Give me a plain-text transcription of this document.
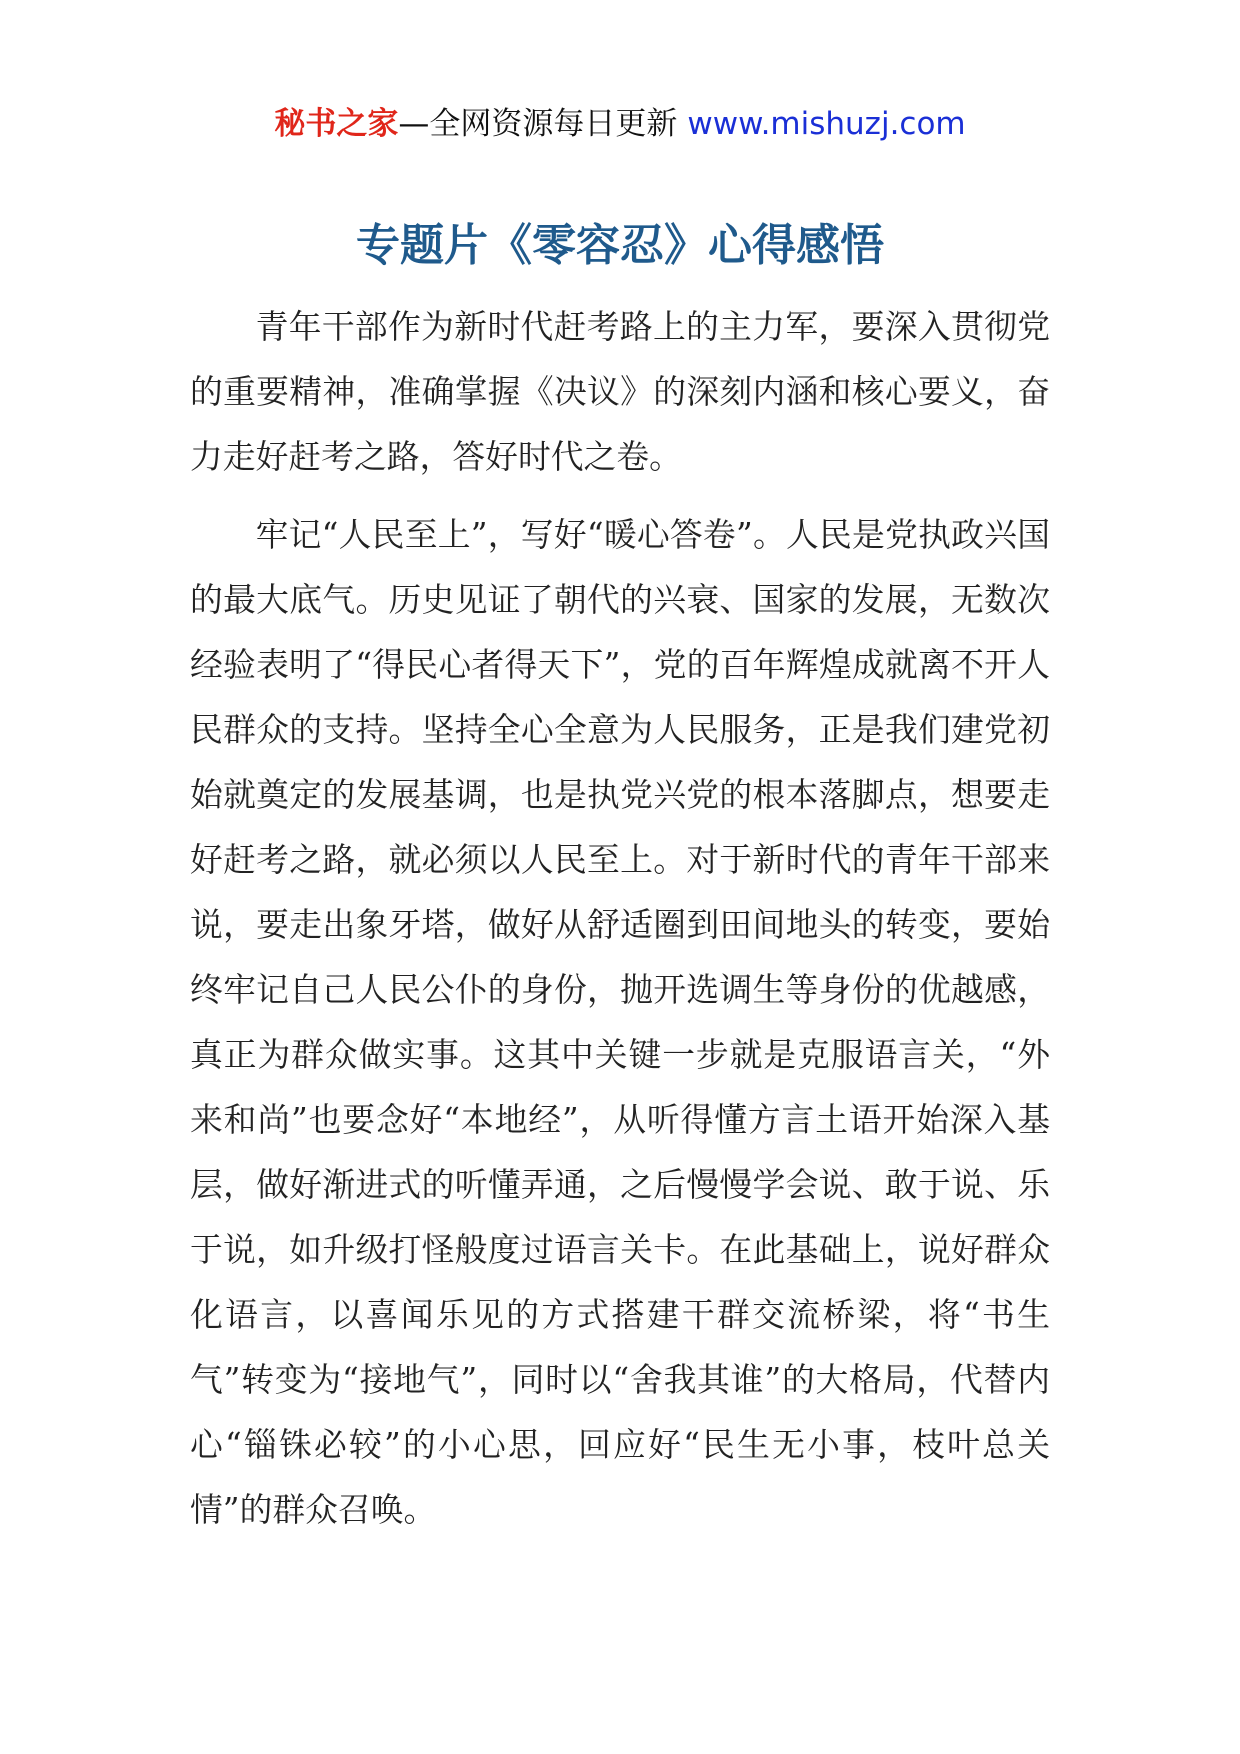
秘书之家—全网资源每日更新 www.mishuzj.com
专题片《零容忍》心得感悟

青年干部作为新时代赶考路上的主力军，要深入贯彻党的重要精神，准确掌握《决议》的深刻内涵和核心要义，奋力走好赶考之路，答好时代之卷。

牢记“人民至上”，写好“暖心答卷”。人民是党执政兴国的最大底气。历史见证了朝代的兴衰、国家的发展，无数次经验表明了“得民心者得天下”，党的百年辉煌成就离不开人民群众的支持。坚持全心全意为人民服务，正是我们建党初始就奠定的发展基调，也是执党兴党的根本落脚点，想要走好赶考之路，就必须以人民至上。对于新时代的青年干部来说，要走出象牙塔，做好从舒适圈到田间地头的转变，要始终牢记自己人民公仆的身份，抛开选调生等身份的优越感，真正为群众做实事。这其中关键一步就是克服语言关，“外来和尚”也要念好“本地经”，从听得懂方言土语开始深入基层，做好渐进式的听懂弄通，之后慢慢学会说、敢于说、乐于说，如升级打怪般度过语言关卡。在此基础上，说好群众化语言，以喜闻乐见的方式搭建干群交流桥梁，将“书生气”转变为“接地气”，同时以“舍我其谁”的大格局，代替内心“锱铢必较”的小心思，回应好“民生无小事，枝叶总关情”的群众召唤。
